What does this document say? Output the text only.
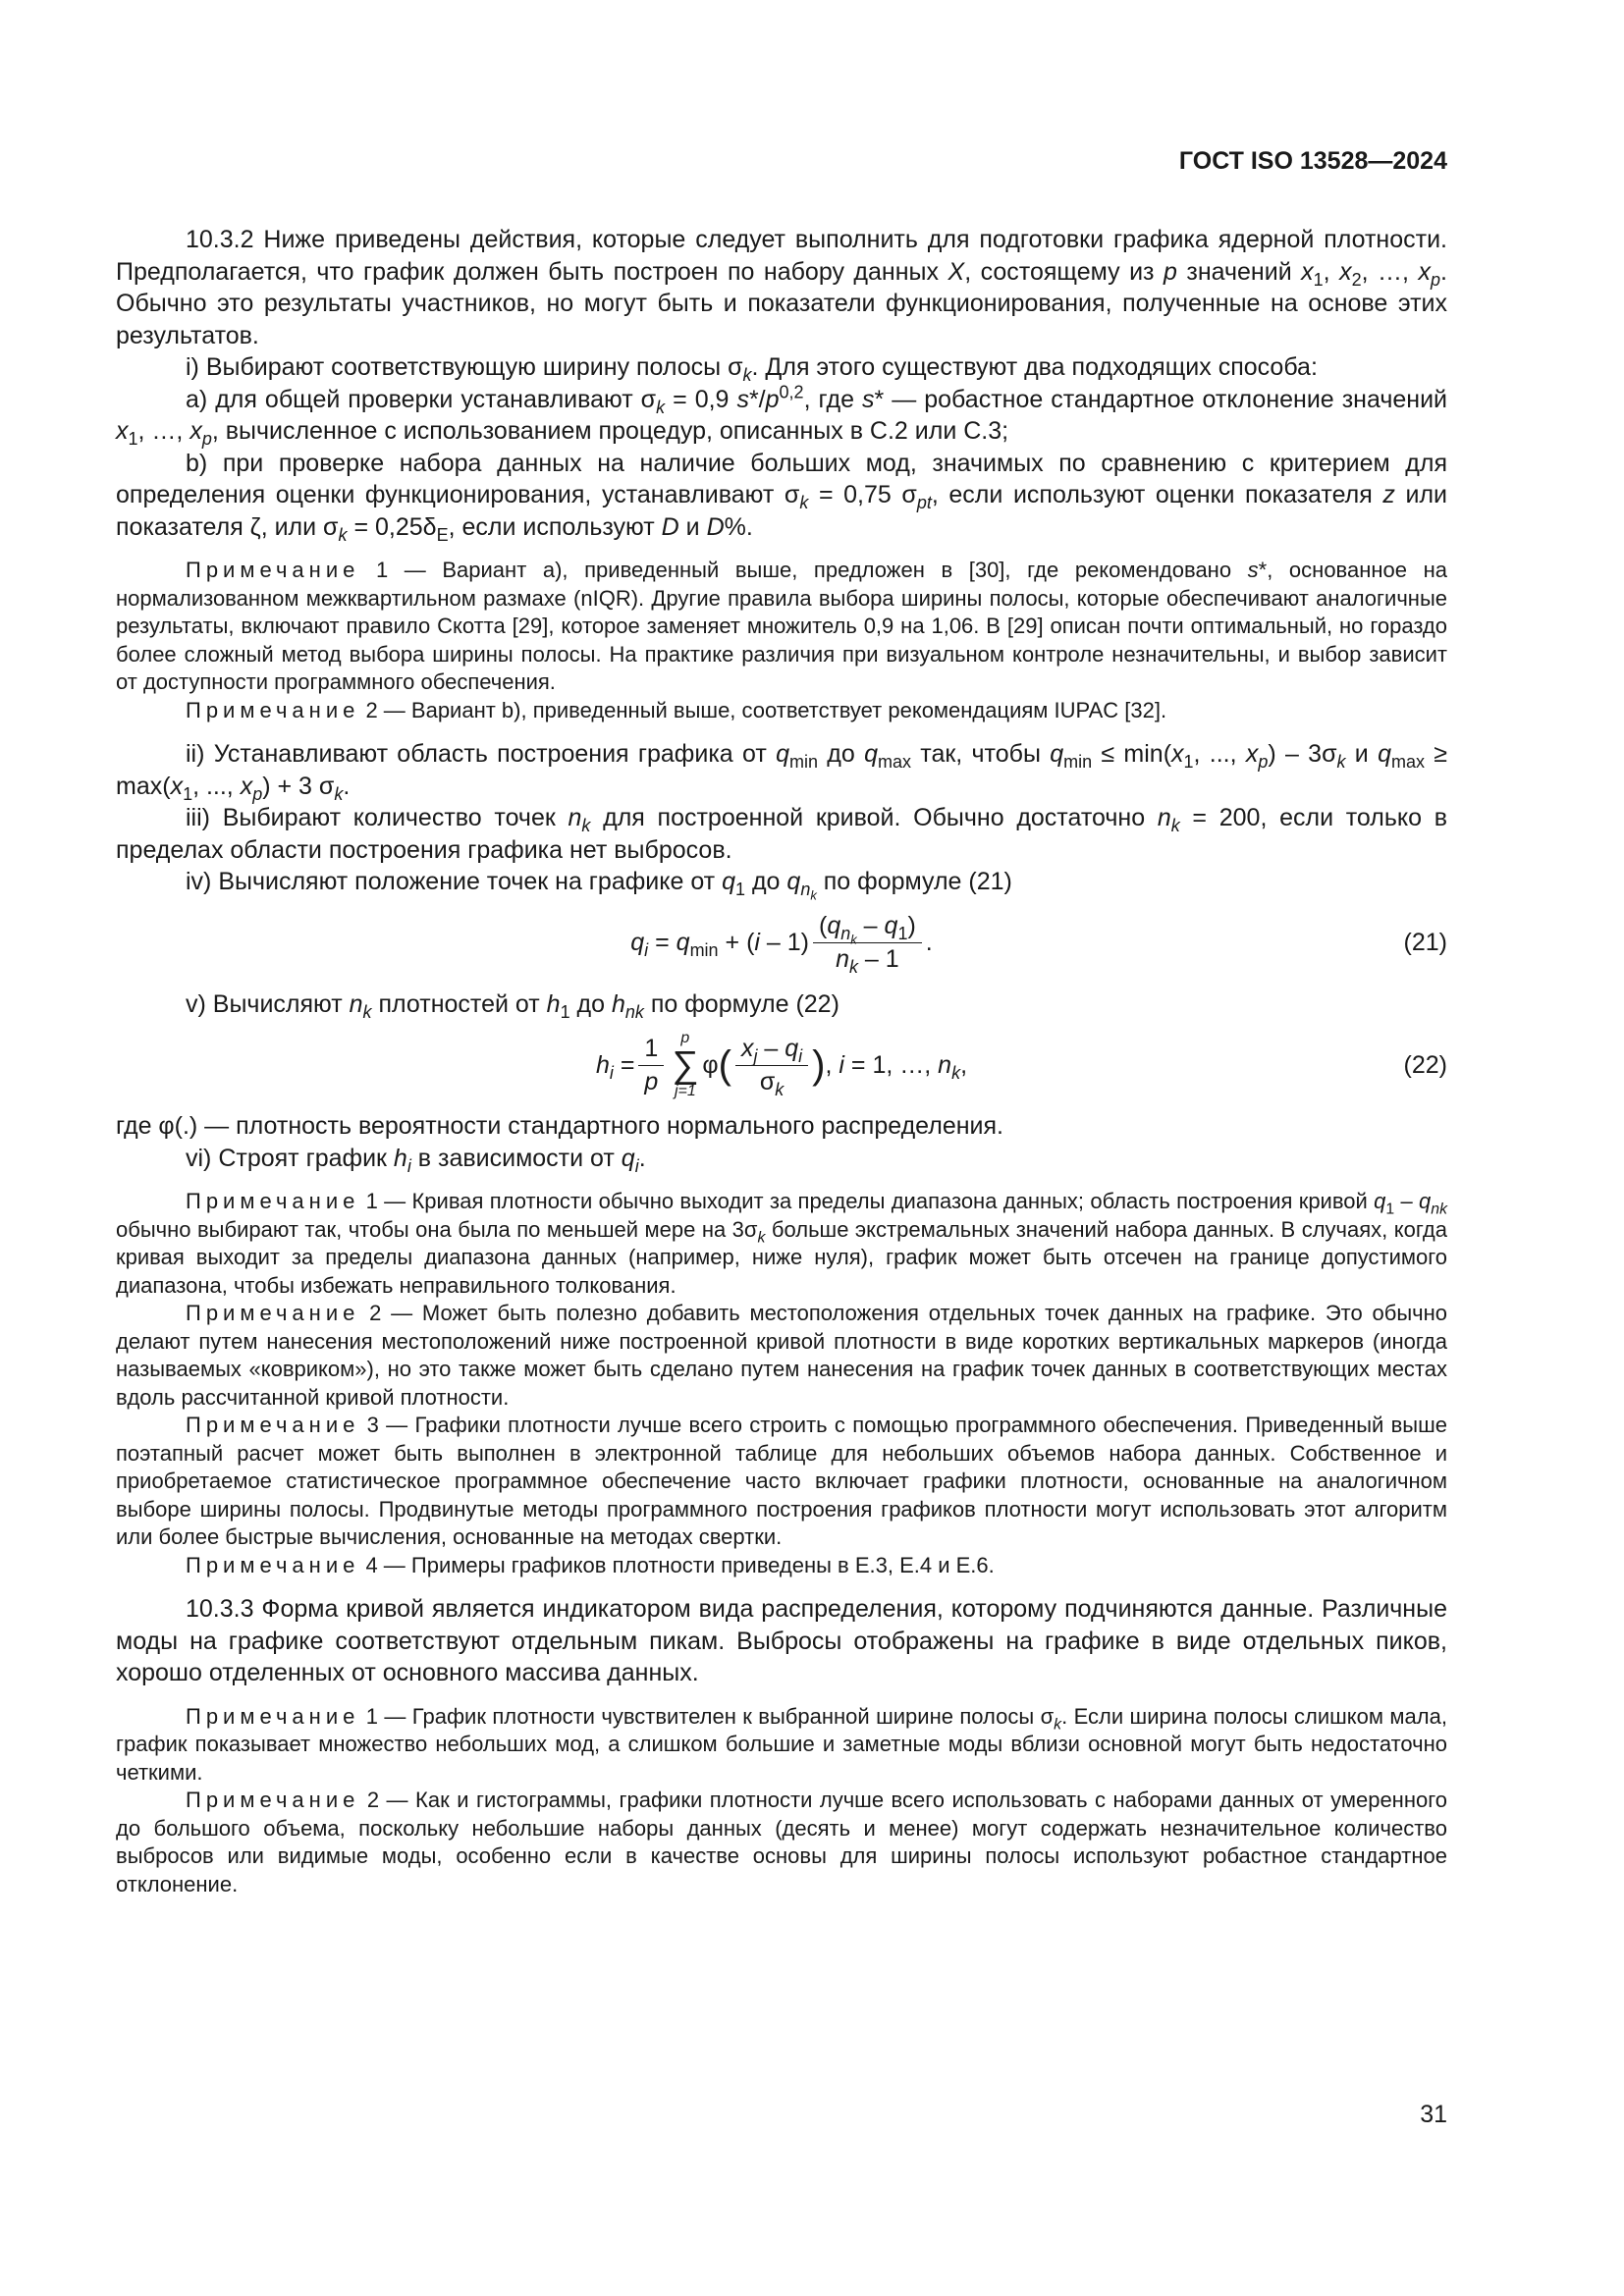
ГОСТ ISO 13528—2024

10.3.2 Ниже приведены действия, которые следует выполнить для подготовки графика ядерной плотности. Предполагается, что график должен быть построен по набору данных X, состоящему из p значений $x_1$, $x_2$, …, $x_p$. Обычно это результаты участников, но могут быть и показатели функционирования, полученные на основе этих результатов.

i) Выбирают соответствующую ширину полосы $\sigma_k$. Для этого существуют два подходящих способа:

a) для общей проверки устанавливают $\sigma_k = 0,9$ $s*/p^{0,2}$, где s* — робастное стандартное отклонение значений $x_1$, …, $x_p$, вычисленное с использованием процедур, описанных в С.2 или С.3;

b) при проверке набора данных на наличие больших мод, значимых по сравнению с критерием для определения оценки функционирования, устанавливают $\sigma_k = 0,75$ $\sigma_{pt}$, если используют оценки показателя z или показателя ζ, или $\sigma_k = 0,25\delta_E$, если используют D и D%.

Примечание 1 — Вариант а), приведенный выше, предложен в [30], где рекомендовано s*, основанное на нормализованном межквартильном размахе (nIQR). Другие правила выбора ширины полосы, которые обеспечивают аналогичные результаты, включают правило Скотта [29], которое заменяет множитель 0,9 на 1,06. В [29] описан почти оптимальный, но гораздо более сложный метод выбора ширины полосы. На практике различия при визуальном контроле незначительны, и выбор зависит от доступности программного обеспечения.

Примечание 2 — Вариант b), приведенный выше, соответствует рекомендациям IUPAC [32].

ii) Устанавливают область построения графика от $q_{min}$ до $q_{max}$ так, чтобы $q_{min} \le \min(x_1$, ..., $x_p) - 3\sigma_k$ и $q_{max} \ge \max(x_1$, ..., $x_p) + 3$ $\sigma_k$.

iii) Выбирают количество точек $n_k$ для построенной кривой. Обычно достаточно $n_k = 200$, если только в пределах области построения графика нет выбросов.

iv) Вычисляют положение точек на графике от $q_1$ до $q_{n_k}$ по формуле (21)

$q_i = q_{min} + (i - 1) \frac{(q_{n_k} - q_1)}{n_k - 1}$ .	(21)

v) Вычисляют $n_k$ плотностей от $h_1$ до $h_{nk}$ по формуле (22)

$h_i = \frac{1}{p}$ p
∑
j=1
φ ( $\frac{x_j - q_i}{\sigma_k}$ ) , i = 1, …, $n_k$,	(22)

где φ(.) — плотность вероятности стандартного нормального распределения.

vi) Строят график $h_i$ в зависимости от $q_i$.

Примечание 1 — Кривая плотности обычно выходит за пределы диапазона данных; область построения кривой $q_1 - q_{nk}$ обычно выбирают так, чтобы она была по меньшей мере на $3\sigma_k$ больше экстремальных значений набора данных. В случаях, когда кривая выходит за пределы диапазона данных (например, ниже нуля), график может быть отсечен на границе допустимого диапазона, чтобы избежать неправильного толкования.

Примечание 2 — Может быть полезно добавить местоположения отдельных точек данных на графике. Это обычно делают путем нанесения местоположений ниже построенной кривой плотности в виде коротких вертикальных маркеров (иногда называемых «ковриком»), но это также может быть сделано путем нанесения на график точек данных в соответствующих местах вдоль рассчитанной кривой плотности.

Примечание 3 — Графики плотности лучше всего строить с помощью программного обеспечения. Приведенный выше поэтапный расчет может быть выполнен в электронной таблице для небольших объемов набора данных. Собственное и приобретаемое статистическое программное обеспечение часто включает графики плотности, основанные на аналогичном выборе ширины полосы. Продвинутые методы программного построения графиков плотности могут использовать этот алгоритм или более быстрые вычисления, основанные на методах свертки.

Примечание 4 — Примеры графиков плотности приведены в Е.3, Е.4 и Е.6.

10.3.3 Форма кривой является индикатором вида распределения, которому подчиняются данные. Различные моды на графике соответствуют отдельным пикам. Выбросы отображены на графике в виде отдельных пиков, хорошо отделенных от основного массива данных.

Примечание 1 — График плотности чувствителен к выбранной ширине полосы $\sigma_k$. Если ширина полосы слишком мала, график показывает множество небольших мод, а слишком большие и заметные моды вблизи основной могут быть недостаточно четкими.

Примечание 2 — Как и гистограммы, графики плотности лучше всего использовать с наборами данных от умеренного до большого объема, поскольку небольшие наборы данных (десять и менее) могут содержать незначительное количество выбросов или видимые моды, особенно если в качестве основы для ширины полосы используют робастное стандартное отклонение.

31
